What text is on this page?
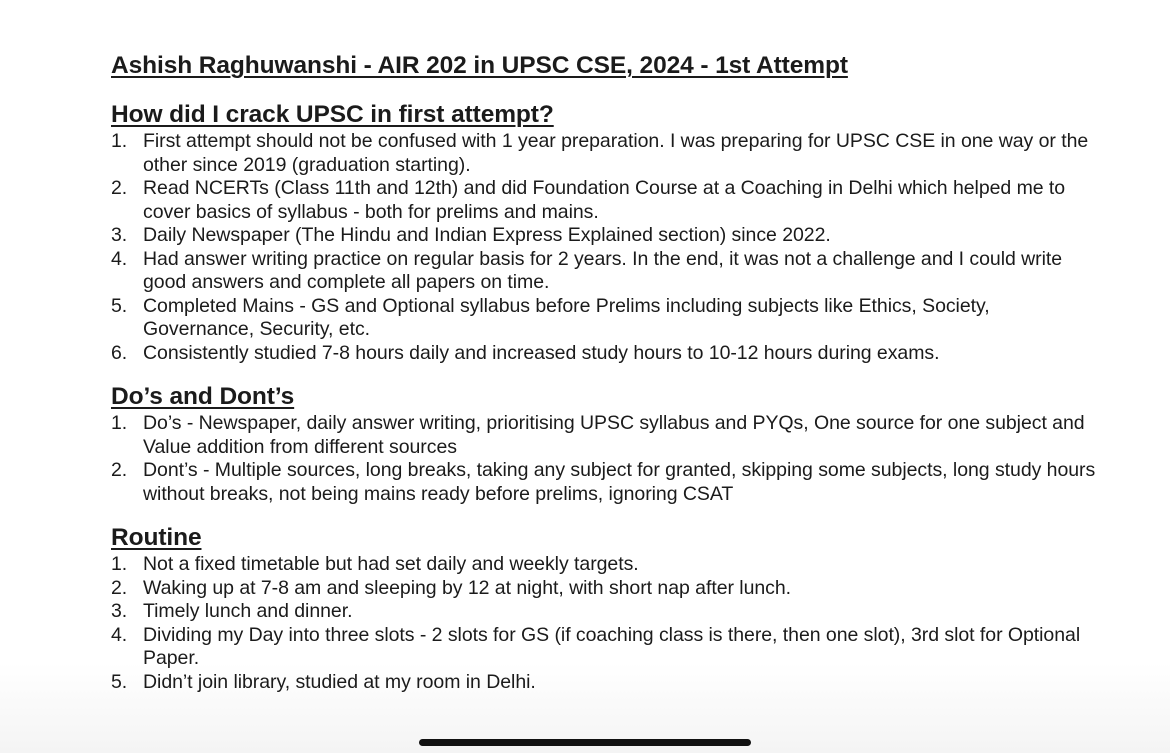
Ashish Raghuwanshi - AIR 202 in UPSC CSE, 2024 - 1st Attempt
How did I crack UPSC in first attempt?
1. First attempt should not be confused with 1 year preparation. I was preparing for UPSC CSE in one way or the other since 2019 (graduation starting).
2. Read NCERTs (Class 11th and 12th) and did Foundation Course at a Coaching in Delhi which helped me to cover basics of syllabus - both for prelims and mains.
3. Daily Newspaper (The Hindu and Indian Express Explained section) since 2022.
4. Had answer writing practice on regular basis for 2 years. In the end, it was not a challenge and I could write good answers and complete all papers on time.
5. Completed Mains - GS and Optional syllabus before Prelims including subjects like Ethics, Society, Governance, Security, etc.
6. Consistently studied 7-8 hours daily and increased study hours to 10-12 hours during exams.
Do’s and Dont’s
1. Do’s - Newspaper, daily answer writing, prioritising UPSC syllabus and PYQs, One source for one subject and Value addition from different sources
2. Dont’s - Multiple sources, long breaks, taking any subject for granted, skipping some subjects, long study hours without breaks, not being mains ready before prelims, ignoring CSAT
Routine
1. Not a fixed timetable but had set daily and weekly targets.
2. Waking up at 7-8 am and sleeping by 12 at night, with short nap after lunch.
3. Timely lunch and dinner.
4. Dividing my Day into three slots - 2 slots for GS (if coaching class is there, then one slot), 3rd slot for Optional Paper.
5. Didn’t join library, studied at my room in Delhi.
